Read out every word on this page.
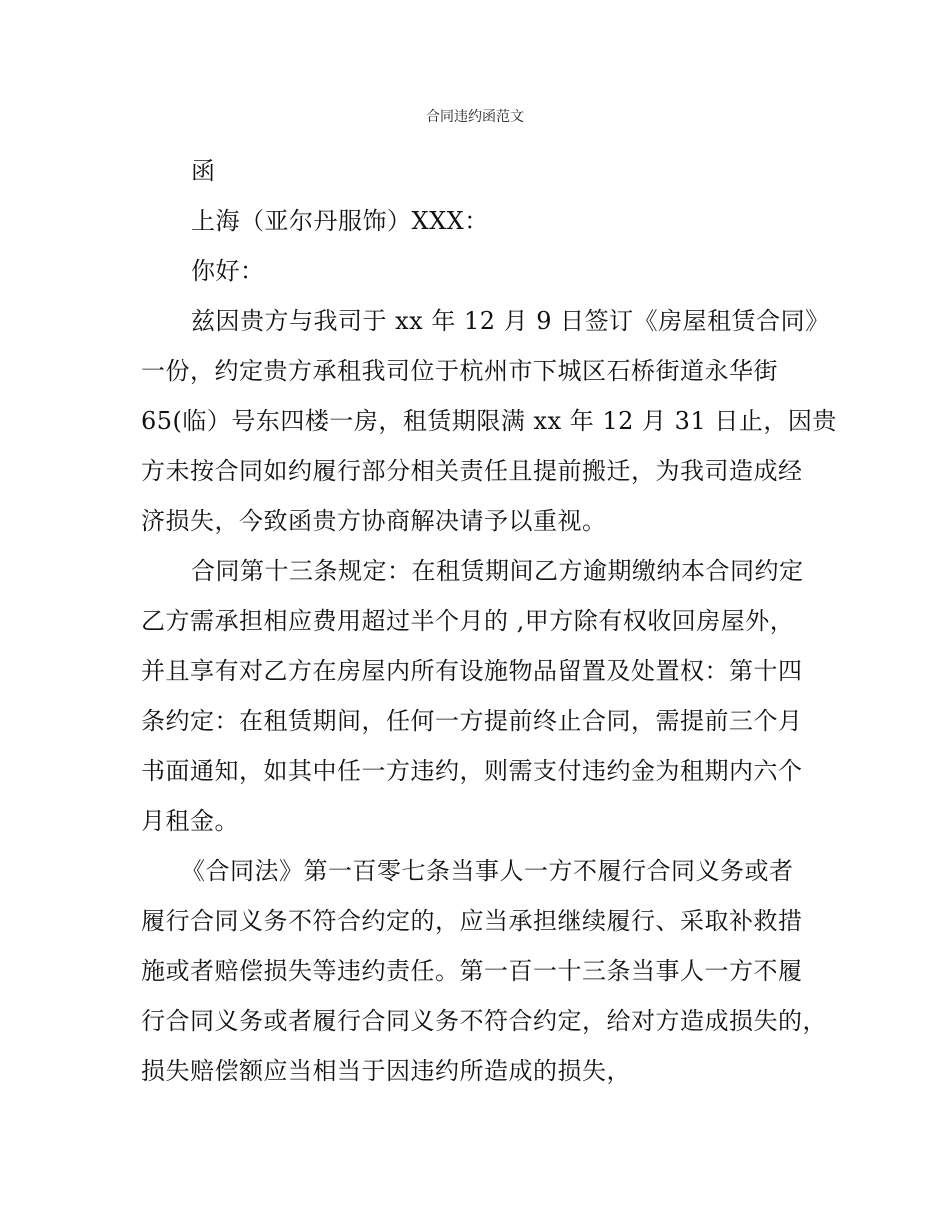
合同违约函范文
函
上海（亚尔丹服饰）XXX：
你好：
兹因贵方与我司于 xx 年 12 月 9 日签订《房屋租赁合同》
一份，约定贵方承租我司位于杭州市下城区石桥街道永华街
65(临）号东四楼一房，租赁期限满 xx 年 12 月 31 日止，因贵
方未按合同如约履行部分相关责任且提前搬迁，为我司造成经
济损失，今致函贵方协商解决请予以重视。
合同第十三条规定：在租赁期间乙方逾期缴纳本合同约定
乙方需承担相应费用超过半个月的 ,甲方除有权收回房屋外，
并且享有对乙方在房屋内所有设施物品留置及处置权：第十四
条约定：在租赁期间，任何一方提前终止合同，需提前三个月
书面通知，如其中任一方违约，则需支付违约金为租期内六个
月租金。
《合同法》第一百零七条当事人一方不履行合同义务或者
履行合同义务不符合约定的，应当承担继续履行、采取补救措
施或者赔偿损失等违约责任。第一百一十三条当事人一方不履
行合同义务或者履行合同义务不符合约定，给对方造成损失的，
损失赔偿额应当相当于因违约所造成的损失，
